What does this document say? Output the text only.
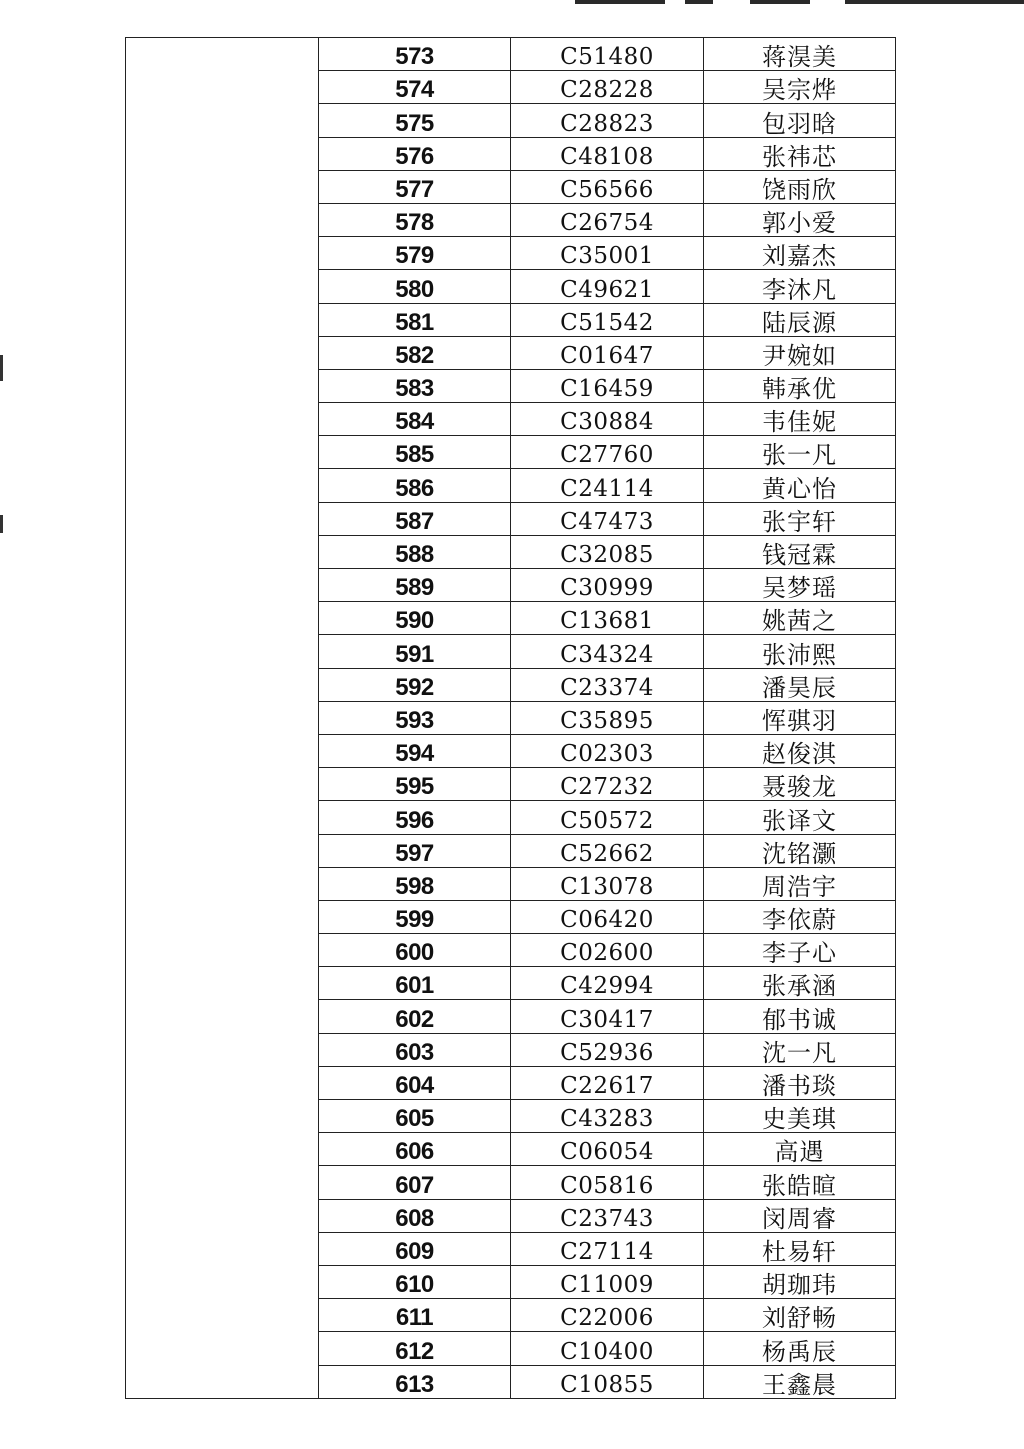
	573	C51480	蒋淏美
	574	C28228	吴宗烨
	575	C28823	包羽晗
	576	C48108	张祎芯
	577	C56566	饶雨欣
	578	C26754	郭小爱
	579	C35001	刘嘉杰
	580	C49621	李沐凡
	581	C51542	陆辰源
	582	C01647	尹婉如
	583	C16459	韩承优
	584	C30884	韦佳妮
	585	C27760	张一凡
	586	C24114	黄心怡
	587	C47473	张宇轩
	588	C32085	钱冠霖
	589	C30999	吴梦瑶
	590	C13681	姚茜之
	591	C34324	张沛熙
	592	C23374	潘昊辰
	593	C35895	恽骐羽
	594	C02303	赵俊淇
	595	C27232	聂骏龙
	596	C50572	张译文
	597	C52662	沈铭灏
	598	C13078	周浩宇
	599	C06420	李依蔚
	600	C02600	李子心
	601	C42994	张承涵
	602	C30417	郁书诚
	603	C52936	沈一凡
	604	C22617	潘书琰
	605	C43283	史美琪
	606	C06054	高遇
	607	C05816	张皓暄
	608	C23743	闵周睿
	609	C27114	杜易轩
	610	C11009	胡珈玮
	611	C22006	刘舒畅
	612	C10400	杨禹辰
	613	C10855	王鑫晨
